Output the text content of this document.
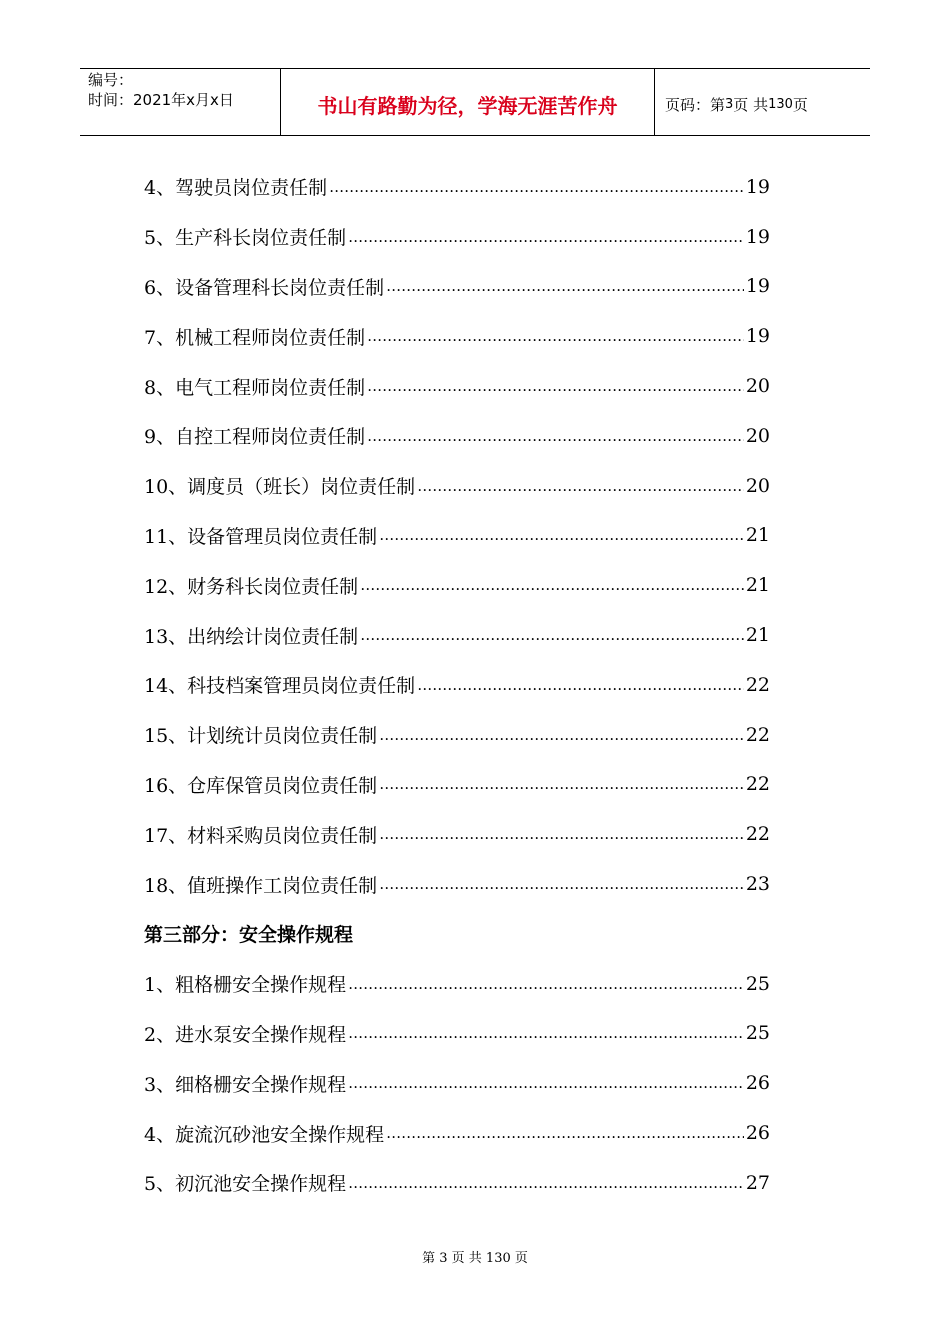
编号：
时间：2021年x月x日	书山有路勤为径，学海无涯苦作舟	页码：第 3 页 共 130 页
4、驾驶员岗位责任制 …………………………………………………………………………………………………………	19
5、生产科长岗位责任制 …………………………………………………………………………………………………………	19
6、设备管理科长岗位责任制 …………………………………………………………………………………………………………	19
7、机械工程师岗位责任制 …………………………………………………………………………………………………………	19
8、电气工程师岗位责任制 …………………………………………………………………………………………………………	20
9、自控工程师岗位责任制 …………………………………………………………………………………………………………	20
10、调度员（班长）岗位责任制 …………………………………………………………………………………………………………	20
11、设备管理员岗位责任制 …………………………………………………………………………………………………………	21
12、财务科长岗位责任制 …………………………………………………………………………………………………………	21
13、出纳绘计岗位责任制 …………………………………………………………………………………………………………	21
14、科技档案管理员岗位责任制 …………………………………………………………………………………………………………	22
15、计划统计员岗位责任制 …………………………………………………………………………………………………………	22
16、仓库保管员岗位责任制 …………………………………………………………………………………………………………	22
17、材料采购员岗位责任制 …………………………………………………………………………………………………………	22
18、值班操作工岗位责任制 …………………………………………………………………………………………………………	23
第三部分：安全操作规程
1、粗格栅安全操作规程 …………………………………………………………………………………………………………	25
2、进水泵安全操作规程 …………………………………………………………………………………………………………	25
3、细格栅安全操作规程 …………………………………………………………………………………………………………	26
4、旋流沉砂池安全操作规程 …………………………………………………………………………………………………………	26
5、初沉池安全操作规程 …………………………………………………………………………………………………………	27
第 3 页 共 130 页
